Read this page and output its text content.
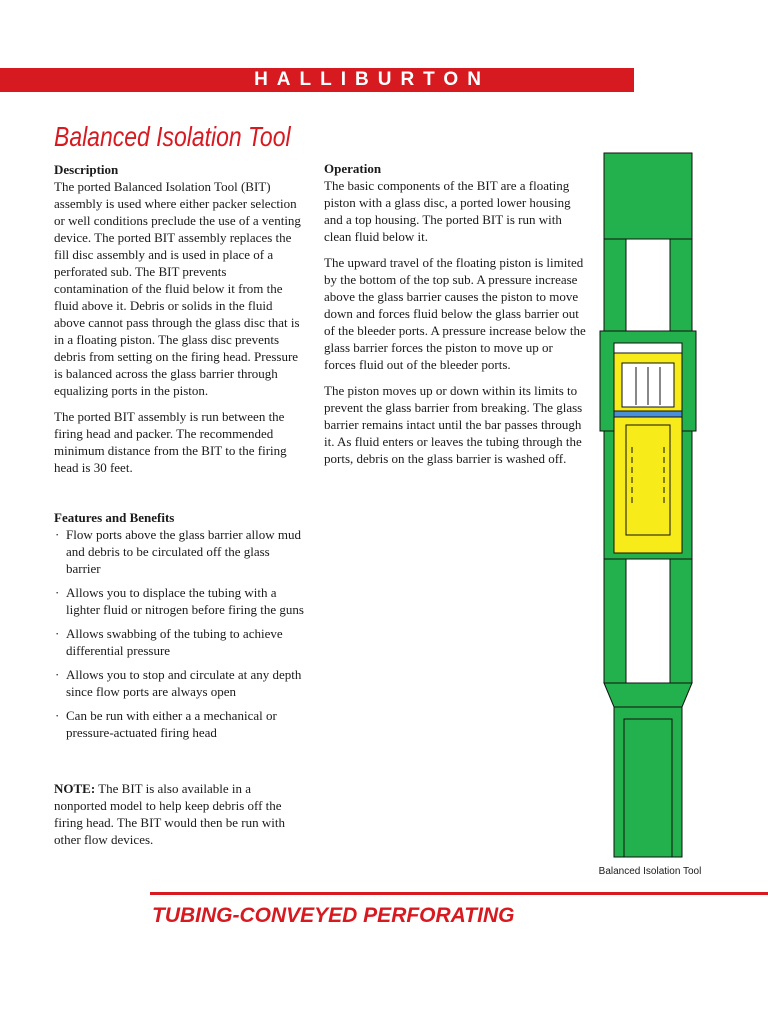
HALLIBURTON
Balanced Isolation Tool
Description

The ported Balanced Isolation Tool (BIT) assembly is used where either packer selection or well conditions preclude the use of a venting device. The ported BIT assembly replaces the fill disc assembly and is used in place of a perforated sub. The BIT prevents contamination of the fluid below it from the fluid above it. Debris or solids in the fluid above cannot pass through the glass disc that is in a floating piston. The glass disc prevents debris from setting on the firing head. Pressure is balanced across the glass barrier through equalizing ports in the piston.

The ported BIT assembly is run between the firing head and packer. The recommended minimum distance from the BIT to the firing head is 30 feet.

Features and Benefits
· Flow ports above the glass barrier allow mud and debris to be circulated off the glass barrier
· Allows you to displace the tubing with a lighter fluid or nitrogen before firing the guns
· Allows swabbing of the tubing to achieve differential pressure
· Allows you to stop and circulate at any depth since flow ports are always open
· Can be run with either a a mechanical or pressure-actuated firing head
NOTE: The BIT is also available in a nonported model to help keep debris off the firing head. The BIT would then be run with other flow devices.
Operation

The basic components of the BIT are a floating piston with a glass disc, a ported lower housing and a top housing. The ported BIT is run with clean fluid below it.

The upward travel of the floating piston is limited by the bottom of the top sub. A pressure increase above the glass barrier causes the piston to move down and forces fluid below the glass barrier out of the bleeder ports. A pressure increase below the glass barrier forces the piston to move up or forces fluid out of the bleeder ports.

The piston moves up or down within its limits to prevent the glass barrier from breaking. The glass barrier remains intact until the bar passes through it. As fluid enters or leaves the tubing through the ports, debris on the glass barrier is washed off.

Balanced Isolation Tool
TUBING-CONVEYED PERFORATING
